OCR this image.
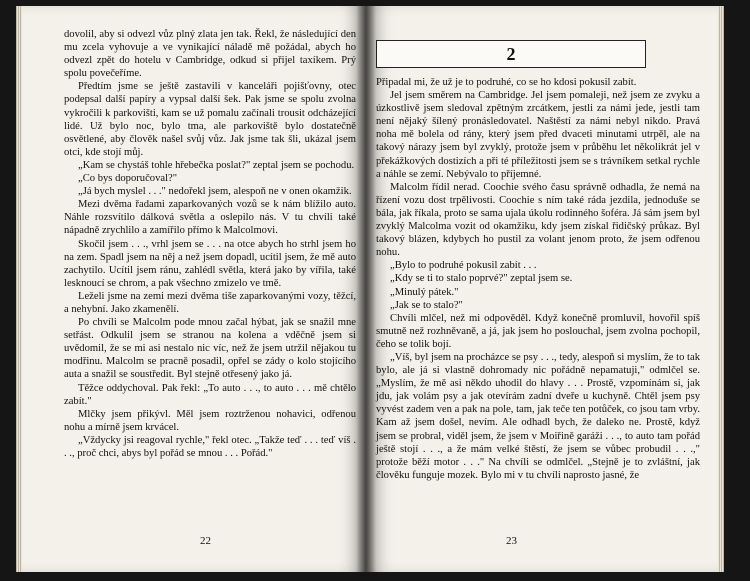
dovolil, aby si odvezl vůz plný zlata jen tak. Řekl, že následující den mu zcela vyhovuje a ve vynikající náladě mě požádal, abych ho odvezl zpět do hotelu v Cambridge, odkud si přijel taxíkem. Prý spolu povečeříme.

Předtím jsme se ještě zastavili v kanceláři pojišťovny, otec podepsal další papíry a vypsal další šek. Pak jsme se spolu zvolna vykročili k parkovišti, kam se už pomalu začínali trousit odcházející lidé. Už bylo noc, bylo tma, ale parkoviště bylo dostatečně osvětlené, aby člověk našel svůj vůz. Jak jsme tak šli, ukázal jsem otci, kde stojí můj.

„Kam se chystáš tohle hřebečka poslat?" zeptal jsem se pochodu.

„Co bys doporučoval?"

„Já bych myslel . . ." nedořekl jsem, alespoň ne v onen okamžik.

Mezi dvěma řadami zaparkovaných vozů se k nám blížilo auto. Náhle rozsvítilo dálková světla a oslepilo nás. V tu chvíli také nápadně zrychlilo a zamířilo přímo k Malcolmovi.

Skočil jsem . . ., vrhl jsem se . . . na otce abych ho strhl jsem ho na zem. Spadl jsem na něj a než jsem dopadl, ucítil jsem, že mě auto zachytilo. Ucítil jsem ránu, zahlédl světla, která jako by vířila, také lesknoucí se chrom, a pak všechno zmizelo ve tmě.

Leželi jsme na zemi mezi dvěma tiše zaparkovanými vozy, těžcí, a nehybní. Jako zkamenělí.

Po chvíli se Malcolm pode mnou začal hýbat, jak se snažil mne setřást. Odkulil jsem se stranou na kolena a vděčně jsem si uvědomil, že se mi asi nestalo nic víc, než že jsem utržil nějakou tu modřinu. Malcolm se pracně posadil, opřel se zády o kolo stojícího auta a snažil se soustředit. Byl stejně otřesený jako já.

Těžce oddychoval. Pak řekl: „To auto . . ., to auto . . . mě chtělo zabít."

Mlčky jsem přikývl. Měl jsem roztrženou nohavici, odřenou nohu a mírně jsem krvácel.

„Vždycky jsi reagoval rychle," řekl otec. „Takže teď . . . teď víš . . ., proč chci, abys byl pořád se mnou . . . Pořád."

Připadal mi, že už je to podruhé, co se ho kdosi pokusil zabít.

Jel jsem směrem na Cambridge. Jel jsem pomaleji, než jsem ze zvyku a úzkostlivě jsem sledoval zpětným zrcátkem, jestli za námi jede, jestli tam není nějaký šílený pronásledovatel. Naštěstí za námi nebyl nikdo. Pravá noha mě bolela od rány, který jsem před dvaceti minutami utrpěl, ale na takový nárazy jsem byl zvyklý, protože jsem v průběhu let několikrát jel v překážkových dostizích a při té příležitosti jsem se s trávníkem setkal rychle a náhle se zemí. Nebývalo to příjemné.

Malcolm řídil nerad. Coochie svého času správně odhadla, že nemá na řízení vozu dost trpělivosti. Coochie s ním také ráda jezdila, jednoduše se bála, jak říkala, proto se sama ujala úkolu rodinného šoféra. Já sám jsem byl zvyklý Malcolma vozit od okamžiku, kdy jsem získal řidičský průkaz. Byl takový blázen, kdybych ho pustil za volant jenom proto, že jsem odřenou nohu.

„Bylo to podruhé pokusil zabít . . .

„Kdy se ti to stalo poprvé?" zeptal jsem se.

„Minulý pátek."

„Jak se to stalo?"

Chvíli mlčel, než mi odpověděl. Když konečně promluvil, hovořil spíš smutně než rozhněvaně, a já, jak jsem ho poslouchal, jsem zvolna pochopil, čeho se tolik bojí.

„Víš, byl jsem na procházce se psy . . ., tedy, alespoň si myslím, že to tak bylo, ale já si vlastně dohromady nic pořádně nepamatuji," odmlčel se. „Myslím, že mě asi někdo uhodil do hlavy . . . Prostě, vzpomínám si, jak jdu, jak volám psy a jak otevírám zadní dveře u kuchyně. Chtěl jsem psy vyvést zadem ven a pak na pole, tam, jak teče ten potůček, co jsou tam vrby. Kam až jsem došel, nevím. Ale odhadl bych, že daleko ne. Prostě, když jsem se probral, viděl jsem, že jsem v Moiřině garáži . . ., to auto tam pořád ještě stojí . . ., a že mám velké štěstí, že jsem se vůbec probudil . . .," protože běží motor . . ." Na chvíli se odmlčel. „Stejně je to zvláštní, jak člověku funguje mozek. Bylo mi v tu chvíli naprosto jasné, že

2
22	23
